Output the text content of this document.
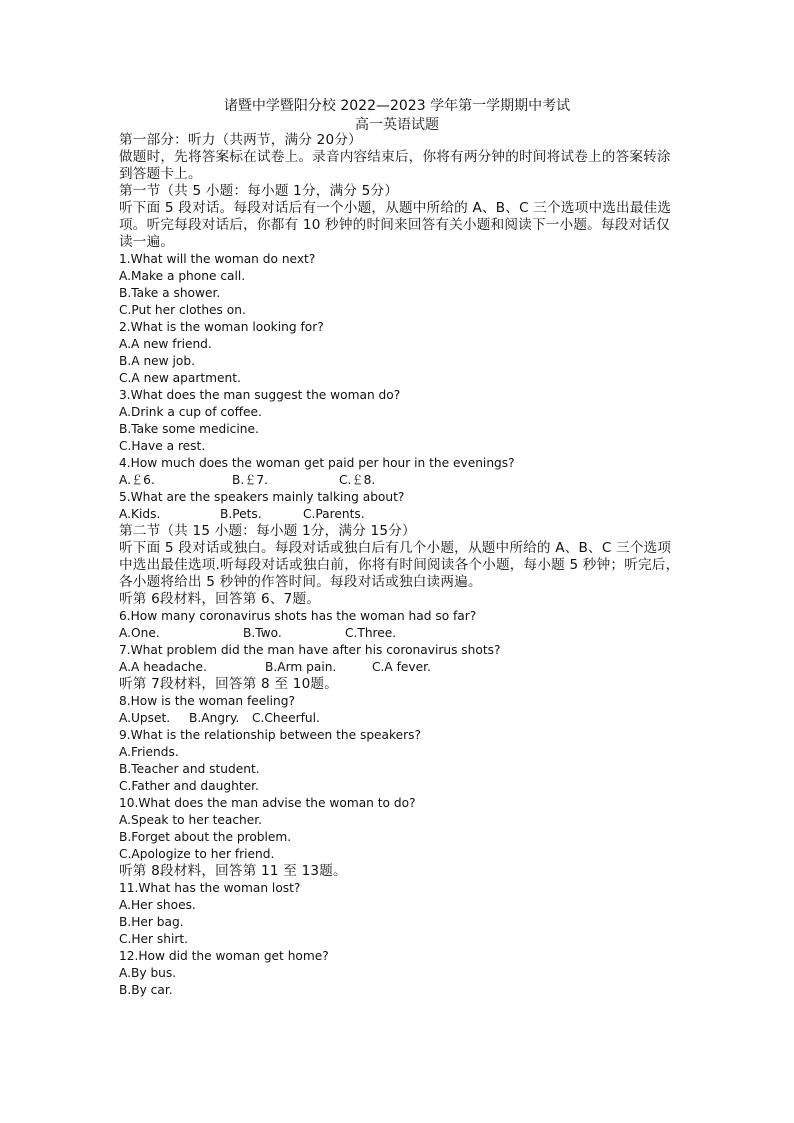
诸暨中学暨阳分校 2022—2023 学年第一学期期中考试
高一英语试题
第一部分：听力（共两节，满分 20分）
做题时，先将答案标在试卷上。录音内容结束后，你将有两分钟的时间将试卷上的答案转涂
到答题卡上。
第一节（共 5 小题：每小题 1分，满分 5分）
听下面 5 段对话。每段对话后有一个小题，从题中所给的 A、B、C 三个选项中选出最佳选
项。听完每段对话后，你都有 10 秒钟的时间来回答有关小题和阅读下一小题。每段对话仅
读一遍。
1.What will the woman do next?
A.Make a phone call.
B.Take a shower.
C.Put her clothes on.
2.What is the woman looking for?
A.A new friend.
B.A new job.
C.A new apartment.
3.What does the man suggest the woman do?
A.Drink a cup of coffee.
B.Take some medicine.
C.Have a rest.
4.How much does the woman get paid per hour in the evenings?
A.￡6.	B.￡7.	C.￡8.
5.What are the speakers mainly talking about?
A.Kids.	B.Pets.	C.Parents.
第二节（共 15 小题：每小题 1分，满分 15分）
听下面 5 段对话或独白。每段对话或独白后有几个小题，从题中所给的 A、B、C 三个选项
中选出最佳选项.听每段对话或独白前，你将有时间阅读各个小题，每小题 5 秒钟；听完后，
各小题将给出 5 秒钟的作答时间。每段对话或独白读两遍。
听第 6段材料，回答第 6、7题。
6.How many coronavirus shots has the woman had so far?
A.One.	B.Two.	C.Three.
7.What problem did the man have after his coronavirus shots?
A.A headache.	B.Arm pain.	C.A fever.
听第 7段材料，回答第 8 至 10题。
8.How is the woman feeling?
A.Upset.	B.Angry.	C.Cheerful.
9.What is the relationship between the speakers?
A.Friends.
B.Teacher and student.
C.Father and daughter.
10.What does the man advise the woman to do?
A.Speak to her teacher.
B.Forget about the problem.
C.Apologize to her friend.
听第 8段材料，回答第 11 至 13题。
11.What has the woman lost?
A.Her shoes.
B.Her bag.
C.Her shirt.
12.How did the woman get home?
A.By bus.
B.By car.
